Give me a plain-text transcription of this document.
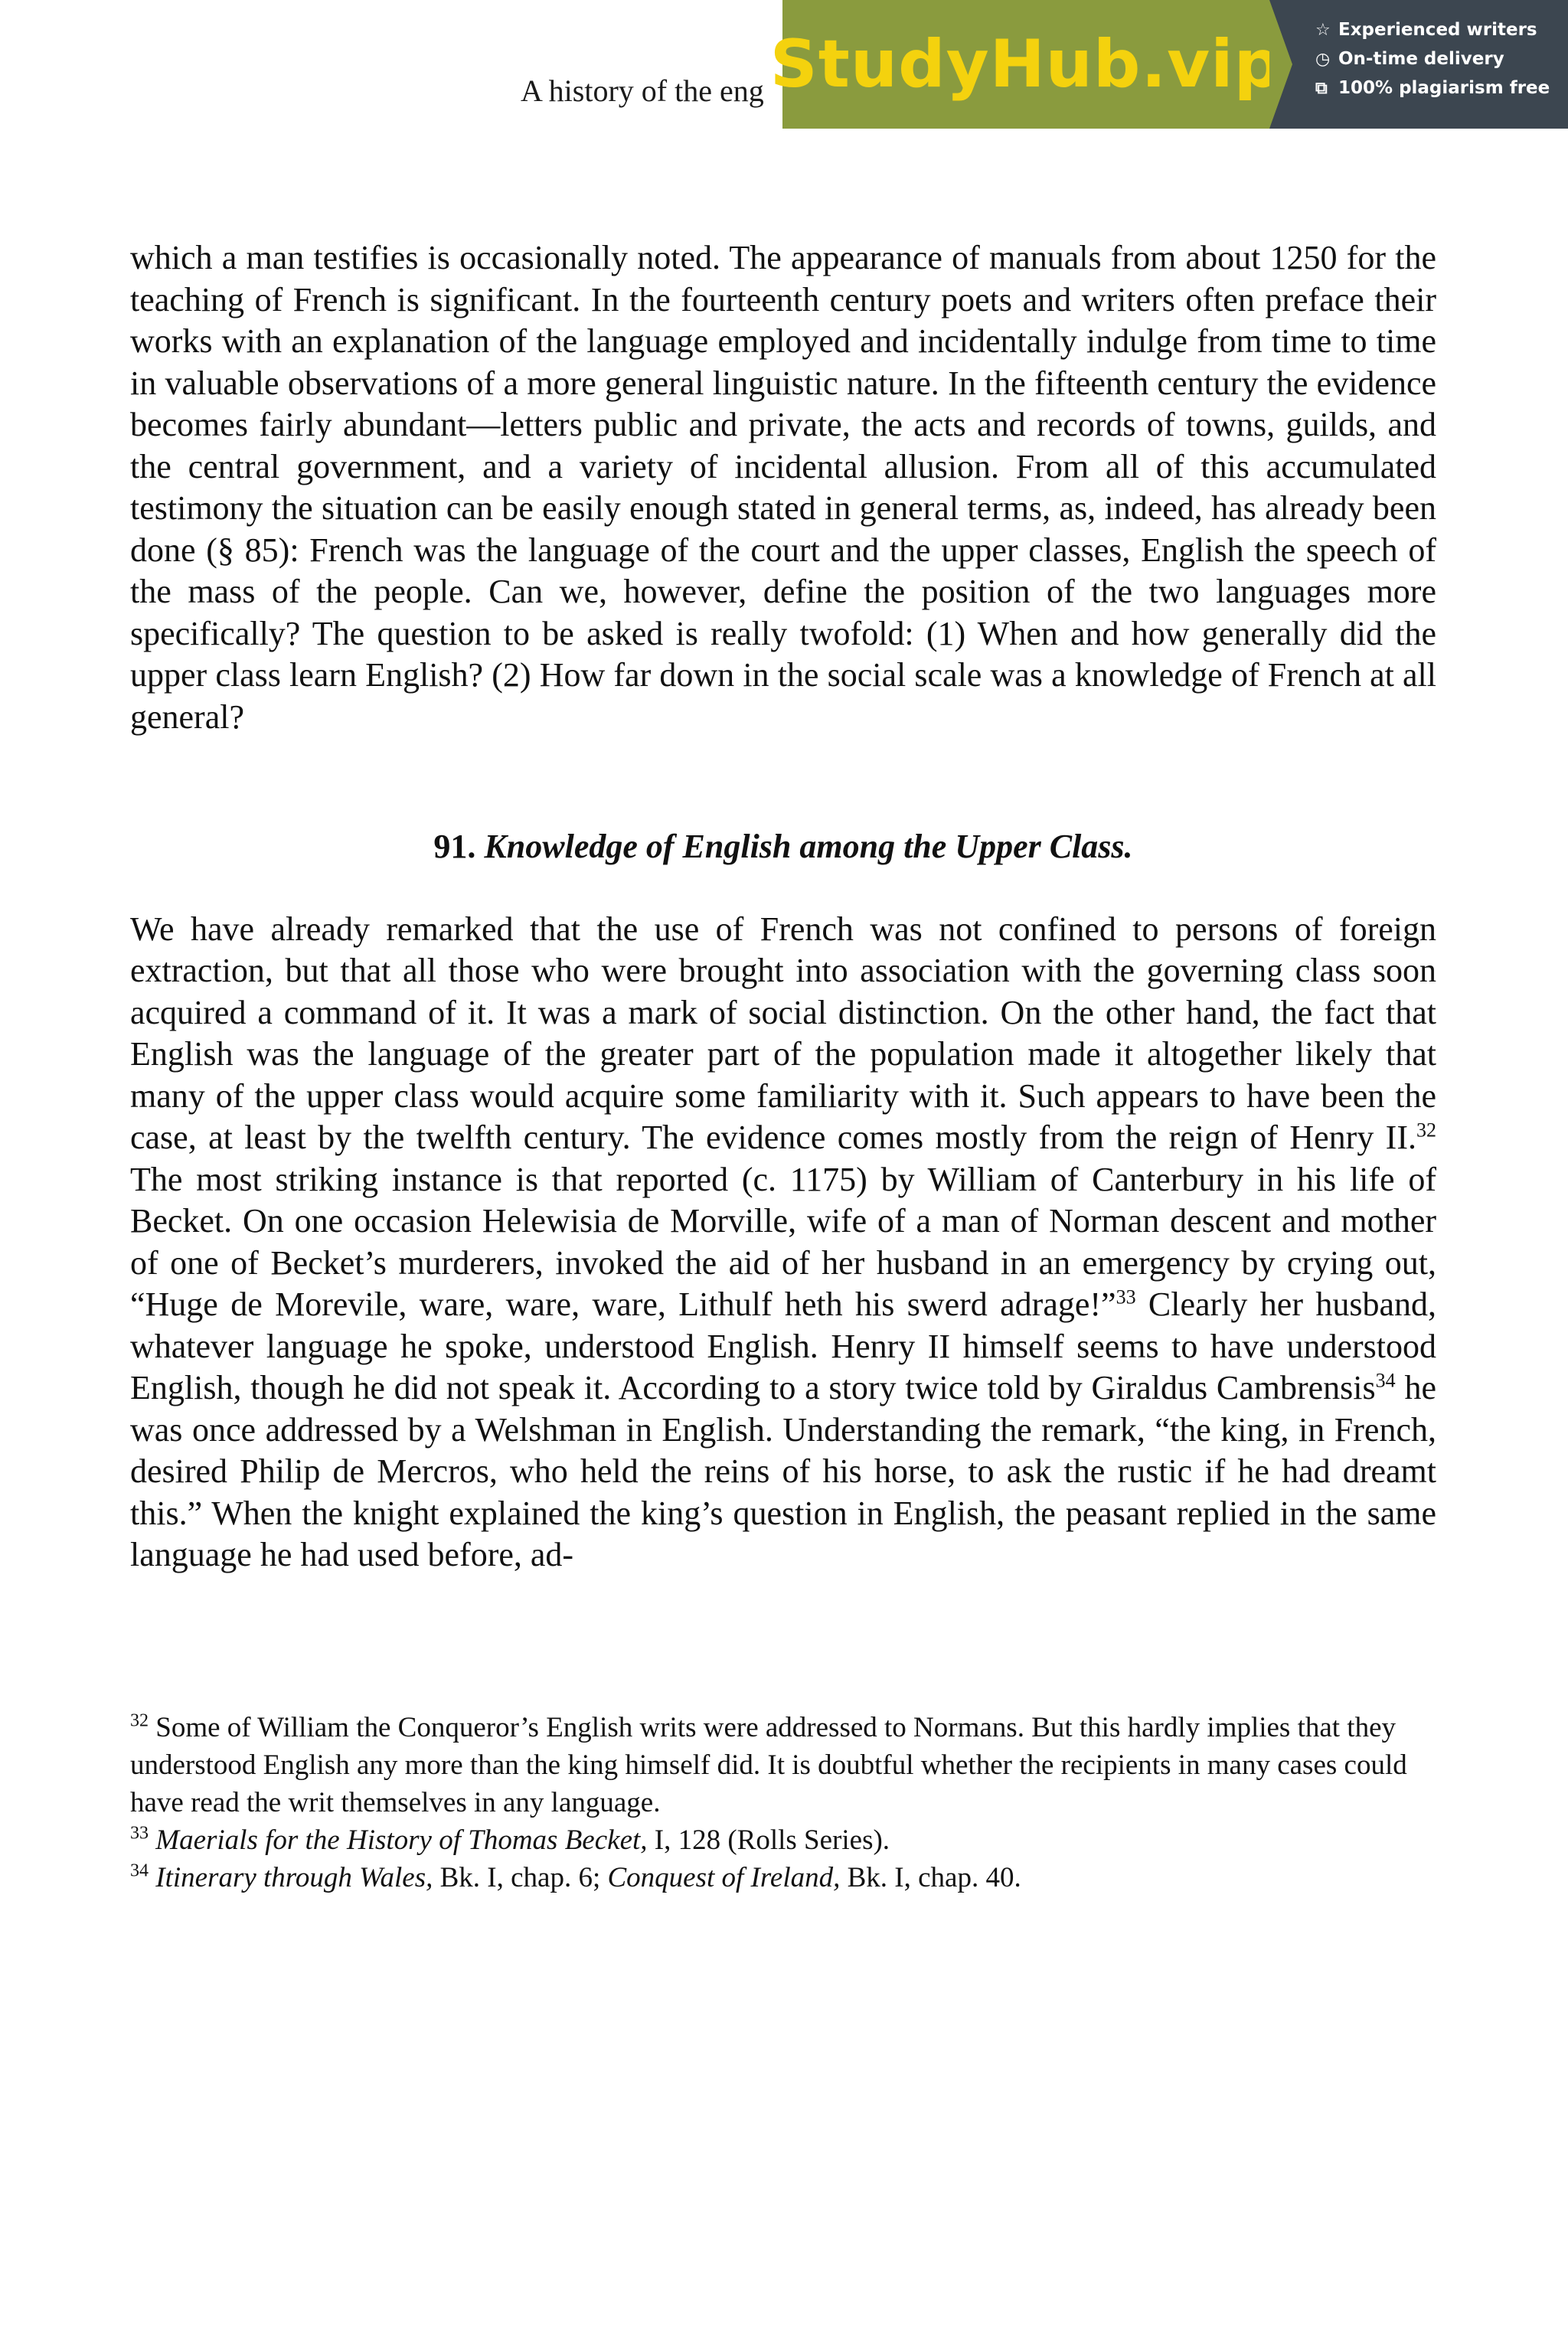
A history of the eng StudyHub.vip ☆ Experienced writers
◷ On-time delivery
⧉ 100% plagiarism free

which a man testifies is occasionally noted. The appearance of manuals from about 1250 for the teaching of French is significant. In the fourteenth century poets and writers often preface their works with an explanation of the language employed and incidentally indulge from time to time in valuable observations of a more general linguistic nature. In the fifteenth century the evidence becomes fairly abundant—letters public and private, the acts and records of towns, guilds, and the central government, and a variety of incidental allusion. From all of this accumulated testimony the situation can be easily enough stated in general terms, as, indeed, has already been done (§ 85): French was the language of the court and the upper classes, English the speech of the mass of the people. Can we, however, define the position of the two languages more specifically? The question to be asked is really twofold: (1) When and how generally did the upper class learn English? (2) How far down in the social scale was a knowledge of French at all general?

91. Knowledge of English among the Upper Class.

We have already remarked that the use of French was not confined to persons of foreign extraction, but that all those who were brought into association with the governing class soon acquired a command of it. It was a mark of social distinction. On the other hand, the fact that English was the language of the greater part of the population made it altogether likely that many of the upper class would acquire some familiarity with it. Such appears to have been the case, at least by the twelfth century. The evidence comes mostly from the reign of Henry II.$^{32}$ The most striking instance is that reported (c. 1175) by William of Canterbury in his life of Becket. On one occasion Helewisia de Morville, wife of a man of Norman descent and mother of one of Becket’s murderers, invoked the aid of her husband in an emergency by crying out, “Huge de Morevile, ware, ware, ware, Lithulf heth his swerd adrage!”$^{33}$ Clearly her husband, whatever language he spoke, understood English. Henry II himself seems to have understood English, though he did not speak it. According to a story twice told by Giraldus Cambrensis$^{34}$ he was once addressed by a Welshman in English. Understanding the remark, “the king, in French, desired Philip de Mercros, who held the reins of his horse, to ask the rustic if he had dreamt this.” When the knight explained the king’s question in English, the peasant replied in the same language he had used before, ad-

$^{32}$ Some of William the Conqueror’s English writs were addressed to Normans. But this hardly implies that they understood English any more than the king himself did. It is doubtful whether the recipients in many cases could have read the writ themselves in any language.

$^{33}$ Maerials for the History of Thomas Becket, I, 128 (Rolls Series).

$^{34}$ Itinerary through Wales, Bk. I, chap. 6; Conquest of Ireland, Bk. I, chap. 40.
